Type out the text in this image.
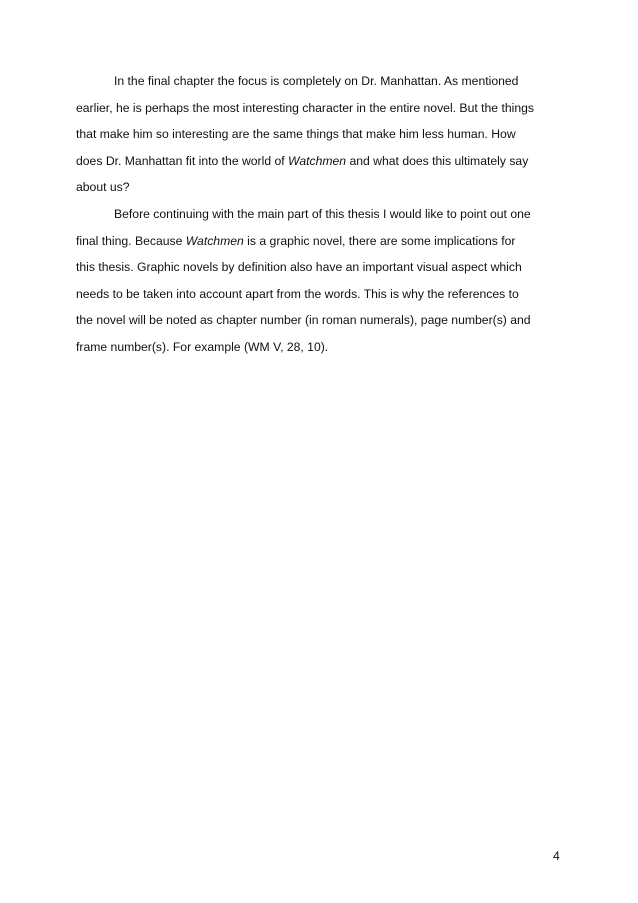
In the final chapter the focus is completely on Dr. Manhattan. As mentioned
earlier, he is perhaps the most interesting character in the entire novel. But the things
that make him so interesting are the same things that make him less human. How
does Dr. Manhattan fit into the world of Watchmen and what does this ultimately say
about us?

Before continuing with the main part of this thesis I would like to point out one
final thing. Because Watchmen is a graphic novel, there are some implications for
this thesis. Graphic novels by definition also have an important visual aspect which
needs to be taken into account apart from the words. This is why the references to
the novel will be noted as chapter number (in roman numerals), page number(s) and
frame number(s). For example (WM V, 28, 10).

4
